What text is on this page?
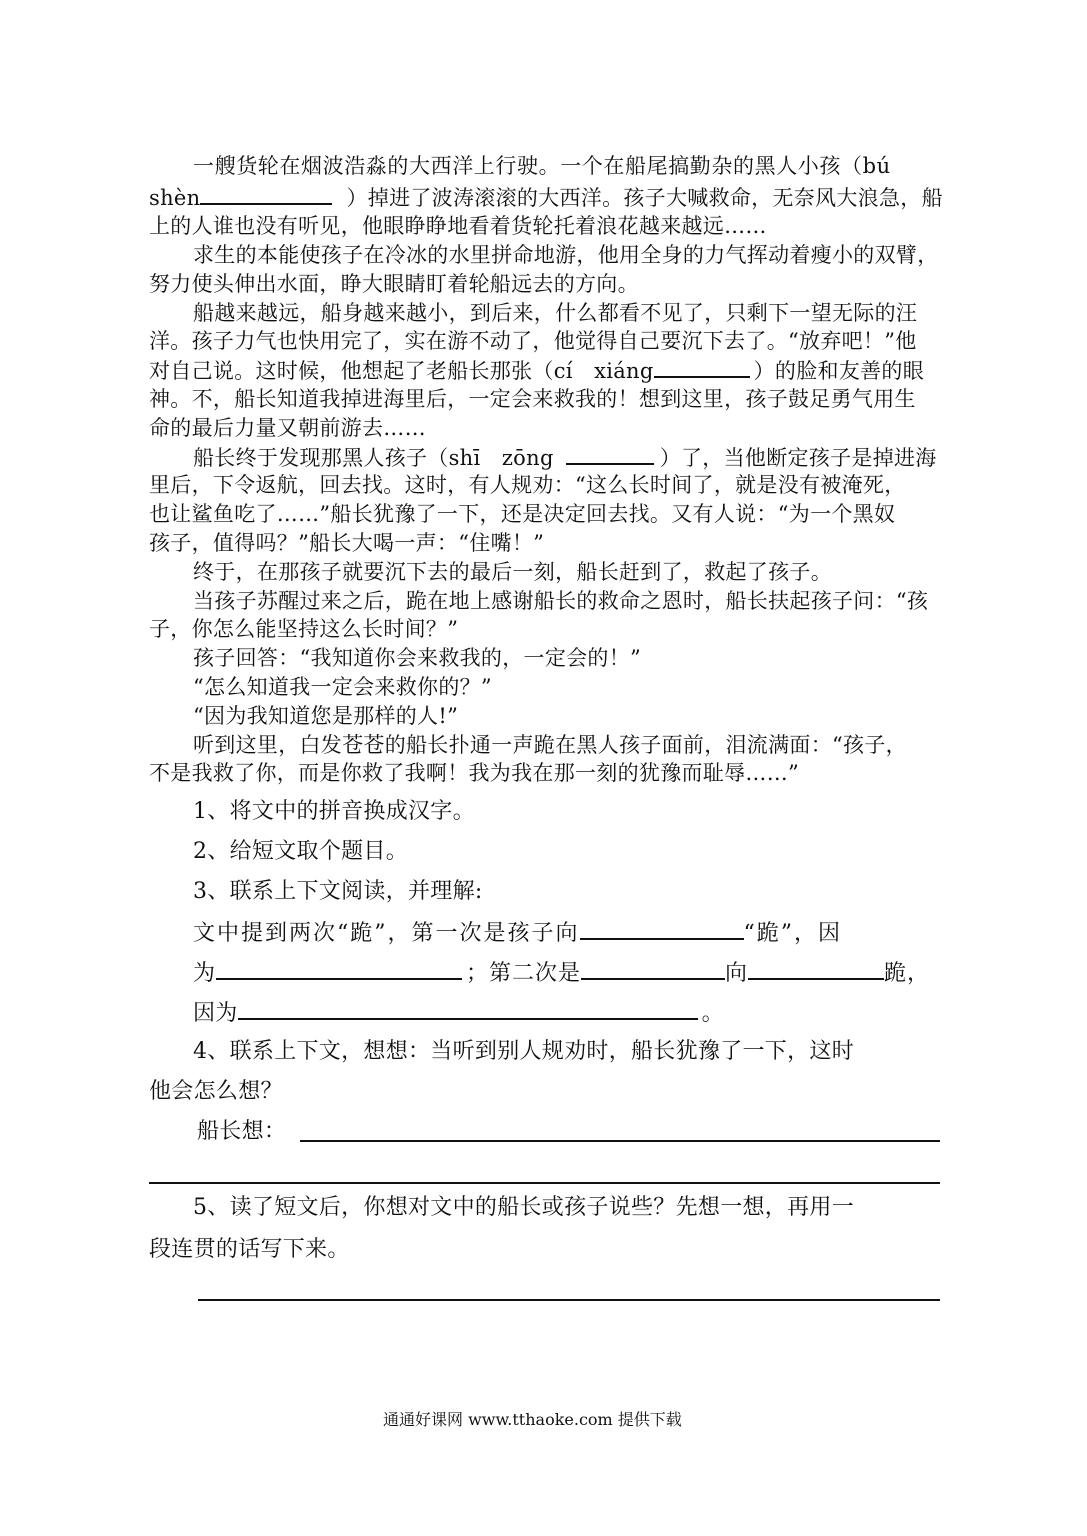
一艘货轮在烟波浩淼的大西洋上行驶。一个在船尾搞勤杂的黑人小孩（bú
shèn	）掉进了波涛滚滚的大西洋。孩子大喊救命，无奈风大浪急，船
上的人谁也没有听见，他眼睁睁地看着货轮托着浪花越来越远……
求生的本能使孩子在冷冰的水里拼命地游，他用全身的力气挥动着瘦小的双臂，
努力使头伸出水面，睁大眼睛盯着轮船远去的方向。
船越来越远，船身越来越小，到后来，什么都看不见了，只剩下一望无际的汪
洋。孩子力气也快用完了，实在游不动了，他觉得自己要沉下去了。“放弃吧！”他
对自己说。这时候，他想起了老船长那张（cí　xiáng	）的脸和友善的眼
神。不，船长知道我掉进海里后，一定会来救我的！想到这里，孩子鼓足勇气用生
命的最后力量又朝前游去……
船长终于发现那黑人孩子（shī　zōng	）了，当他断定孩子是掉进海
里后，下令返航，回去找。这时，有人规劝：“这么长时间了，就是没有被淹死，
也让鲨鱼吃了……”船长犹豫了一下，还是决定回去找。又有人说：“为一个黑奴
孩子，值得吗？”船长大喝一声：“住嘴！”
终于，在那孩子就要沉下去的最后一刻，船长赶到了，救起了孩子。
当孩子苏醒过来之后，跪在地上感谢船长的救命之恩时，船长扶起孩子问：“孩
子，你怎么能坚持这么长时间？”
孩子回答：“我知道你会来救我的，一定会的！”
“怎么知道我一定会来救你的？”
“因为我知道您是那样的人!”
听到这里，白发苍苍的船长扑通一声跪在黑人孩子面前，泪流满面：“孩子，
不是我救了你，而是你救了我啊！我为我在那一刻的犹豫而耻辱……”
1、将文中的拼音换成汉字。
2、给短文取个题目。
3、联系上下文阅读，并理解:
文中提到两次“跪”，第一次是孩子向	“跪”，因
为	；第二次是	向	跪，
因为	。
4、联系上下文，想想：当听到别人规劝时，船长犹豫了一下，这时
他会怎么想？
船长想：
5、读了短文后，你想对文中的船长或孩子说些？先想一想，再用一
段连贯的话写下来。
通通好课网 www.tthaoke.com 提供下载
